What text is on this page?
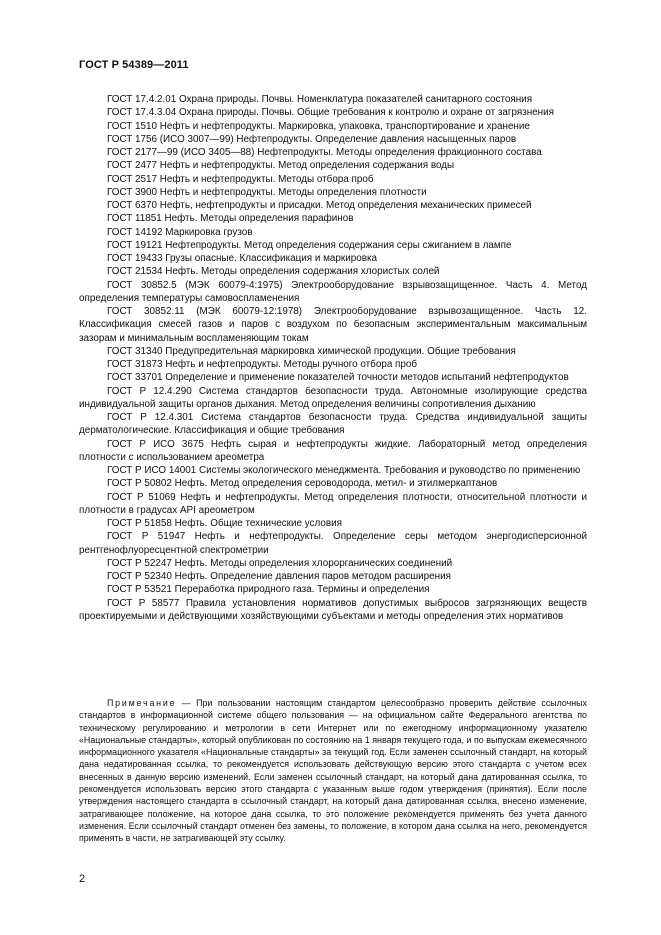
ГОСТ Р 54389—2011

ГОСТ 17.4.2.01 Охрана природы. Почвы. Номенклатура показателей санитарного состояния

ГОСТ 17.4.3.04 Охрана природы. Почвы. Общие требования к контролю и охране от загрязнения

ГОСТ 1510 Нефть и нефтепродукты. Маркировка, упаковка, транспортирование и хранение

ГОСТ 1756 (ИСО 3007—99) Нефтепродукты. Определение давления насыщенных паров

ГОСТ 2177—99 (ИСО 3405—88) Нефтепродукты. Методы определения фракционного состава

ГОСТ 2477 Нефть и нефтепродукты. Метод определения содержания воды

ГОСТ 2517 Нефть и нефтепродукты. Методы отбора проб

ГОСТ 3900 Нефть и нефтепродукты. Методы определения плотности

ГОСТ 6370 Нефть, нефтепродукты и присадки. Метод определения механических примесей

ГОСТ 11851 Нефть. Методы определения парафинов

ГОСТ 14192 Маркировка грузов

ГОСТ 19121 Нефтепродукты. Метод определения содержания серы сжиганием в лампе

ГОСТ 19433 Грузы опасные. Классификация и маркировка

ГОСТ 21534 Нефть. Методы определения содержания хлористых солей

ГОСТ 30852.5 (МЭК 60079-4:1975) Электрооборудование взрывозащищенное. Часть 4. Метод определения температуры самовоспламенения

ГОСТ 30852.11 (МЭК 60079-12:1978) Электрооборудование взрывозащищенное. Часть 12. Классификация смесей газов и паров с воздухом по безопасным экспериментальным максимальным зазорам и минимальным воспламеняющим токам

ГОСТ 31340 Предупредительная маркировка химической продукции. Общие требования

ГОСТ 31873 Нефть и нефтепродукты. Методы ручного отбора проб

ГОСТ 33701 Определение и применение показателей точности методов испытаний нефтепродуктов

ГОСТ Р 12.4.290 Система стандартов безопасности труда. Автономные изолирующие средства индивидуальной защиты органов дыхания. Метод определения величины сопротивления дыханию

ГОСТ Р 12.4.301 Система стандартов безопасности труда. Средства индивидуальной защиты дерматологические. Классификация и общие требования

ГОСТ Р ИСО 3675 Нефть сырая и нефтепродукты жидкие. Лабораторный метод определения плотности с использованием ареометра

ГОСТ Р ИСО 14001 Системы экологического менеджмента. Требования и руководство по применению

ГОСТ Р 50802 Нефть. Метод определения сероводорода, метил- и этилмеркаптанов

ГОСТ Р 51069 Нефть и нефтепродукты. Метод определения плотности, относительной плотности и плотности в градусах API ареометром

ГОСТ Р 51858 Нефть. Общие технические условия

ГОСТ Р 51947 Нефть и нефтепродукты. Определение серы методом энергодисперсионной рентгенофлуоресцентной спектрометрии

ГОСТ Р 52247 Нефть. Методы определения хлорорганических соединений

ГОСТ Р 52340 Нефть. Определение давления паров методом расширения

ГОСТ Р 53521 Переработка природного газа. Термины и определения

ГОСТ Р 58577 Правила установления нормативов допустимых выбросов загрязняющих веществ проектируемыми и действующими хозяйствующими субъектами и методы определения этих нормативов

Примечание — При пользовании настоящим стандартом целесообразно проверить действие ссылочных стандартов в информационной системе общего пользования — на официальном сайте Федерального агентства по техническому регулированию и метрологии в сети Интернет или по ежегодному информационному указателю «Национальные стандарты», который опубликован по состоянию на 1 января текущего года, и по выпускам ежемесячного информационного указателя «Национальные стандарты» за текущий год. Если заменен ссылочный стандарт, на который дана недатированная ссылка, то рекомендуется использовать действующую версию этого стандарта с учетом всех внесенных в данную версию изменений. Если заменен ссылочный стандарт, на который дана датированная ссылка, то рекомендуется использовать версию этого стандарта с указанным выше годом утверждения (принятия). Если после утверждения настоящего стандарта в ссылочный стандарт, на который дана датированная ссылка, внесено изменение, затрагивающее положение, на которое дана ссылка, то это положение рекомендуется применять без учета данного изменения. Если ссылочный стандарт отменен без замены, то положение, в котором дана ссылка на него, рекомендуется применять в части, не затрагивающей эту ссылку.
2
